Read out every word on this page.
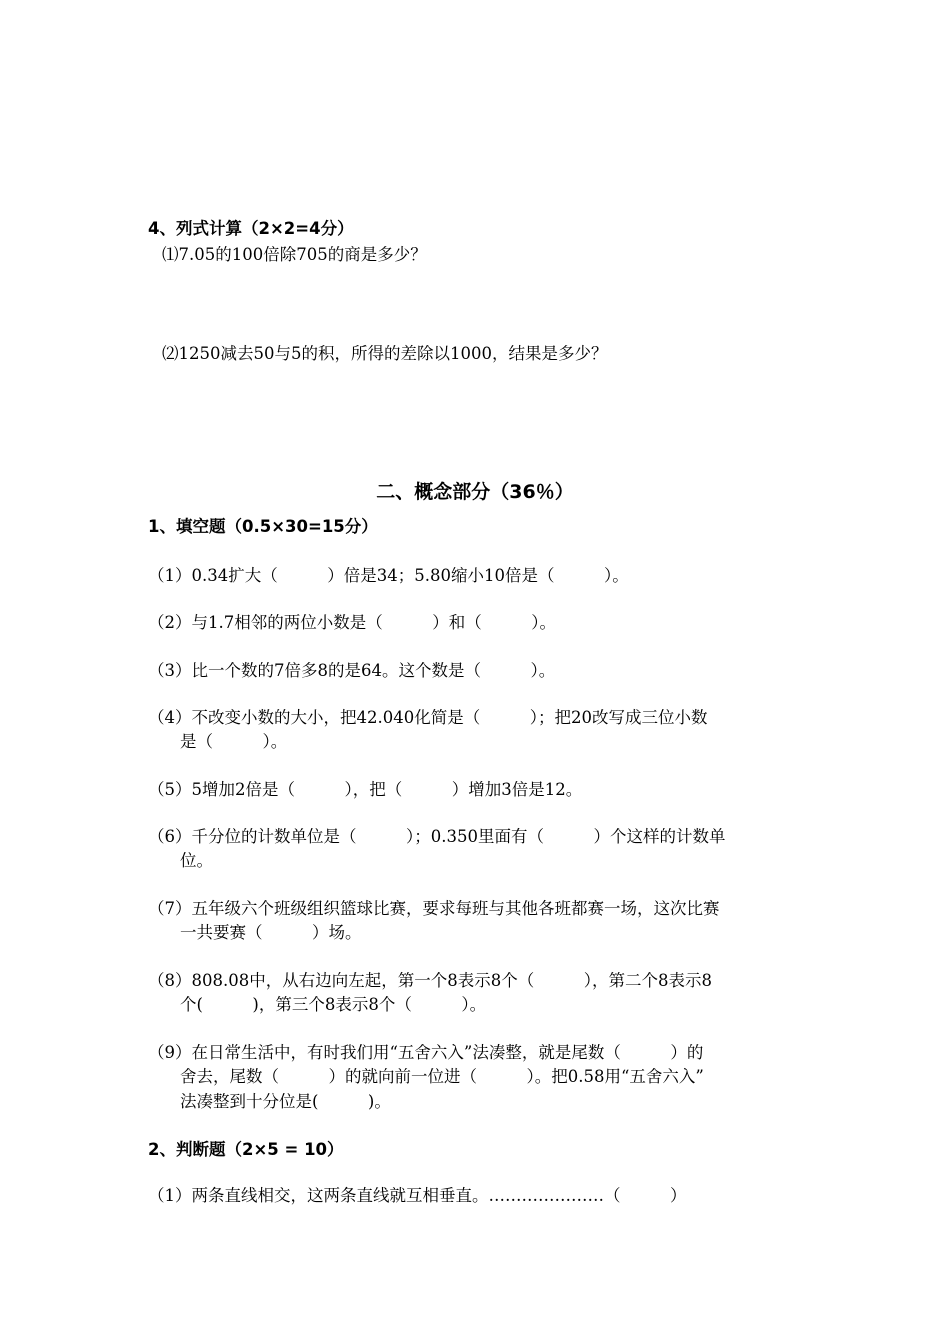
4、列式计算（2×2=4分）
⑴7.05的100倍除705的商是多少？
⑵1250减去50与5的积，所得的差除以1000，结果是多少？
二、概念部分（36％）
1、填空题（0.5×30=15分）
（1）0.34扩大（　　　）倍是34；5.80缩小10倍是（　　　）。
（2）与1.7相邻的两位小数是（　　　）和（　　　）。
（3）比一个数的7倍多8的是64。这个数是（　　　）。
（4）不改变小数的大小，把42.040化简是（　　　）；把20改写成三位小数
是（　　　）。
（5）5增加2倍是（　　　），把（　　　）增加3倍是12。
（6）千分位的计数单位是（　　　）；0.350里面有（　　　）个这样的计数单
位。
（7）五年级六个班级组织篮球比赛，要求每班与其他各班都赛一场，这次比赛
一共要赛（　　　）场。
（8）808.08中，从右边向左起，第一个8表示8个（　　　），第二个8表示8
个(　　　)，第三个8表示8个（　　　）。
（9）在日常生活中，有时我们用“五舍六入”法凑整，就是尾数（　　　）的
舍去，尾数（　　　）的就向前一位进（　　　）。把0.58用“五舍六入”
法凑整到十分位是(　　　)。
2、判断题（2×5 = 10）
（1）两条直线相交，这两条直线就互相垂直。…………………（　　　）
